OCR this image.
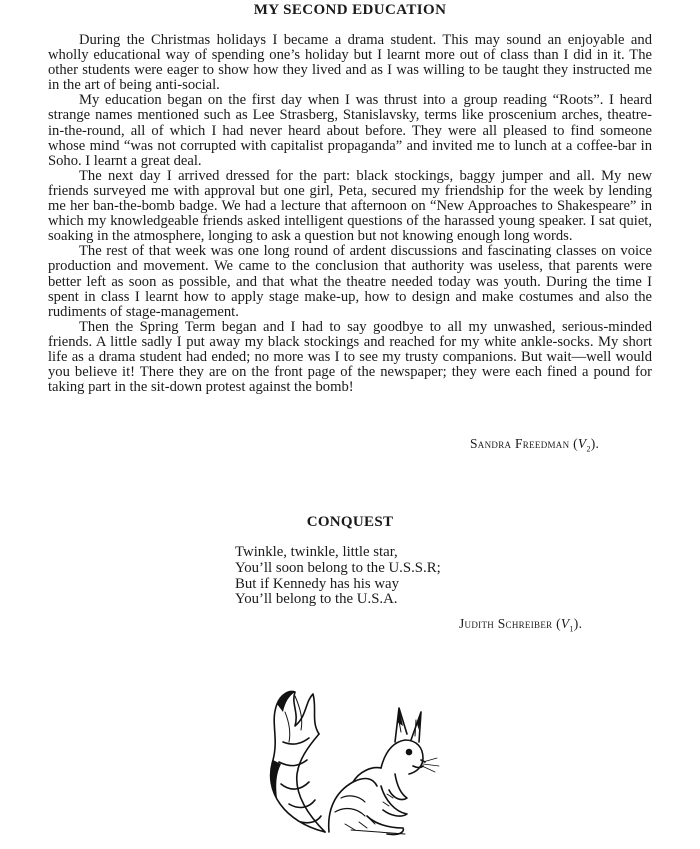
MY SECOND EDUCATION

During the Christmas holidays I became a drama student. This may sound an enjoyable and wholly educational way of spending one’s holiday but I learnt more out of class than I did in it. The other students were eager to show how they lived and as I was willing to be taught they instructed me in the art of being anti-social.

My education began on the first day when I was thrust into a group reading “Roots”. I heard strange names mentioned such as Lee Strasberg, Stanislavsky, terms like proscenium arches, theatre-in-the-round, all of which I had never heard about before. They were all pleased to find someone whose mind “was not corrupted with capitalist propaganda” and invited me to lunch at a coffee-bar in Soho. I learnt a great deal.

The next day I arrived dressed for the part: black stockings, baggy jumper and all. My new friends surveyed me with approval but one girl, Peta, secured my friendship for the week by lending me her ban-the-bomb badge. We had a lecture that afternoon on “New Approaches to Shakespeare” in which my knowledgeable friends asked intelligent questions of the harassed young speaker. I sat quiet, soaking in the atmosphere, longing to ask a question but not knowing enough long words.

The rest of that week was one long round of ardent discussions and fascinating classes on voice production and movement. We came to the conclusion that authority was useless, that parents were better left as soon as possible, and that what the theatre needed today was youth. During the time I spent in class I learnt how to apply stage make-up, how to design and make costumes and also the rudiments of stage-management.

Then the Spring Term began and I had to say goodbye to all my unwashed, serious-minded friends. A little sadly I put away my black stockings and reached for my white ankle-socks. My short life as a drama student had ended; no more was I to see my trusty companions. But wait—well would you believe it! There they are on the front page of the newspaper; they were each fined a pound for taking part in the sit-down protest against the bomb!

Sandra Freedman $(V_2)$.
CONQUEST
Twinkle, twinkle, little star,
You’ll soon belong to the U.S.S.R;
But if Kennedy has his way
You’ll belong to the U.S.A.
Judith Schreiber $(V_1)$.
